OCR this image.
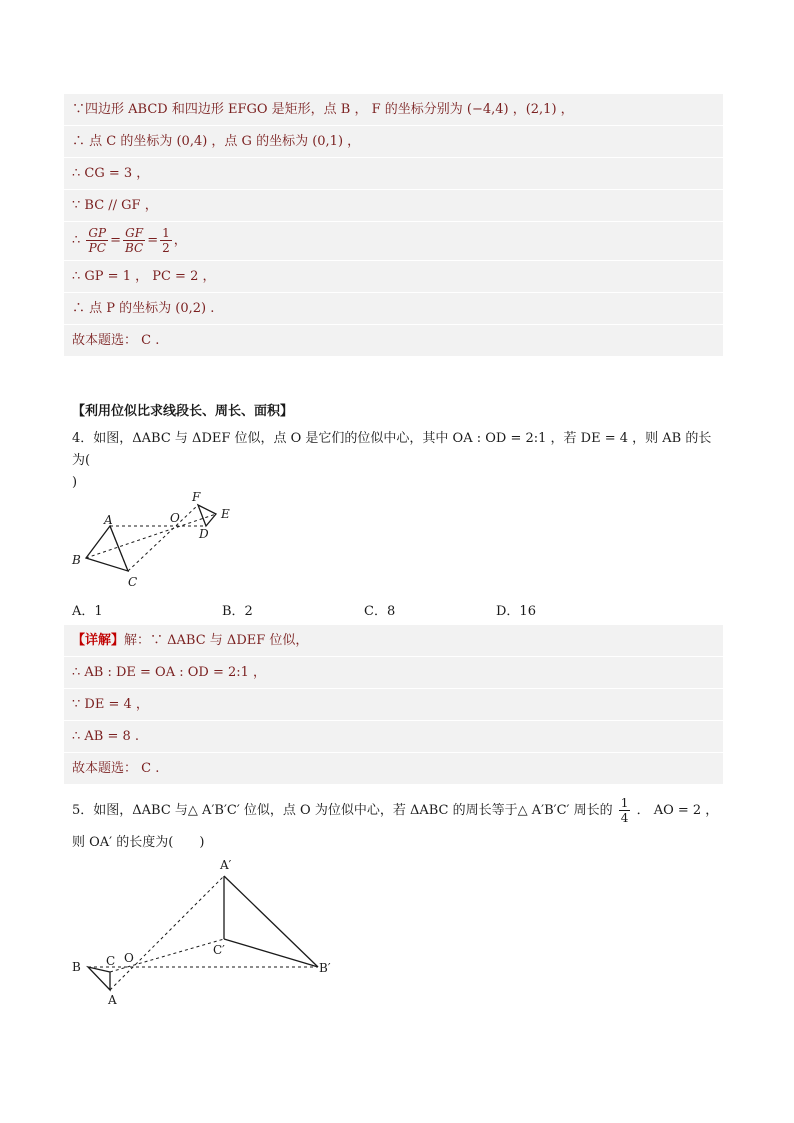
∵四边形 ABCD 和四边形 EFGO 是矩形，点 B ， F 的坐标分别为 (−4,4) ，(2,1) ，
∴ 点 C 的坐标为 (0,4) ，点 G 的坐标为 (0,1) ，
∴ CG = 3 ，
∵ BC // GF ，
∴ $\frac{GP}{PC} = \frac{GF}{BC} = \frac{1}{2}$ ，
∴ GP = 1 ， PC = 2 ，
∴ 点 P 的坐标为 (0,2) .
故本题选： C .
【利用位似比求线段长、周长、面积】
4．如图，ΔABC 与 ΔDEF 位似，点 O 是它们的位似中心，其中 OA : OD = 2:1 ，若 DE = 4 ，则 AB 的长为(
)
A
B
C
O
D
E
F
A．1	B．2	C．8	D．16
【详解】解：∵ ΔABC 与 ΔDEF 位似，
∴ AB : DE = OA : OD = 2:1 ，
∵ DE = 4 ，
∴ AB = 8 .
故本题选： C .
5．如图，ΔABC 与△ A′B′C′ 位似，点 O 为位似中心，若 ΔABC 的周长等于△ A′B′C′ 周长的 $\frac{1}{4}$ ． AO = 2 ，
则 OA′ 的长度为(　　)
B C O
A
A′
C′
B′
